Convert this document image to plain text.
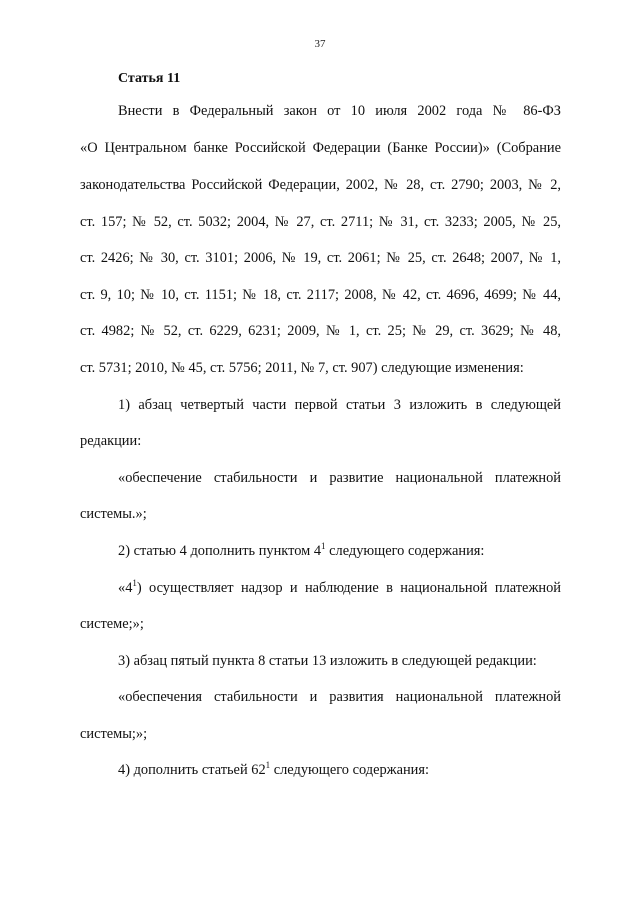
37
Статья 11
Внести в Федеральный закон от 10 июля 2002 года № 86-ФЗ
«О Центральном банке Российской Федерации (Банке России)» (Собрание
законодательства Российской Федерации, 2002, № 28, ст. 2790; 2003, № 2,
ст. 157; № 52, ст. 5032; 2004, № 27, ст. 2711; № 31, ст. 3233; 2005, № 25,
ст. 2426; № 30, ст. 3101; 2006, № 19, ст. 2061; № 25, ст. 2648; 2007, № 1,
ст. 9, 10; № 10, ст. 1151; № 18, ст. 2117; 2008, № 42, ст. 4696, 4699; № 44,
ст. 4982; № 52, ст. 6229, 6231; 2009, № 1, ст. 25; № 29, ст. 3629; № 48,
ст. 5731; 2010, № 45, ст. 5756; 2011, № 7, ст. 907) следующие изменения:
1) абзац четвертый части первой статьи 3 изложить в следующей
редакции:
«обеспечение стабильности и развитие национальной платежной
системы.»;
2) статью 4 дополнить пунктом $4^1$ следующего содержания:
«$4^1$) осуществляет надзор и наблюдение в национальной платежной
системе;»;
3) абзац пятый пункта 8 статьи 13 изложить в следующей редакции:
«обеспечения стабильности и развития национальной платежной
системы;»;
4) дополнить статьей $62^1$ следующего содержания:
